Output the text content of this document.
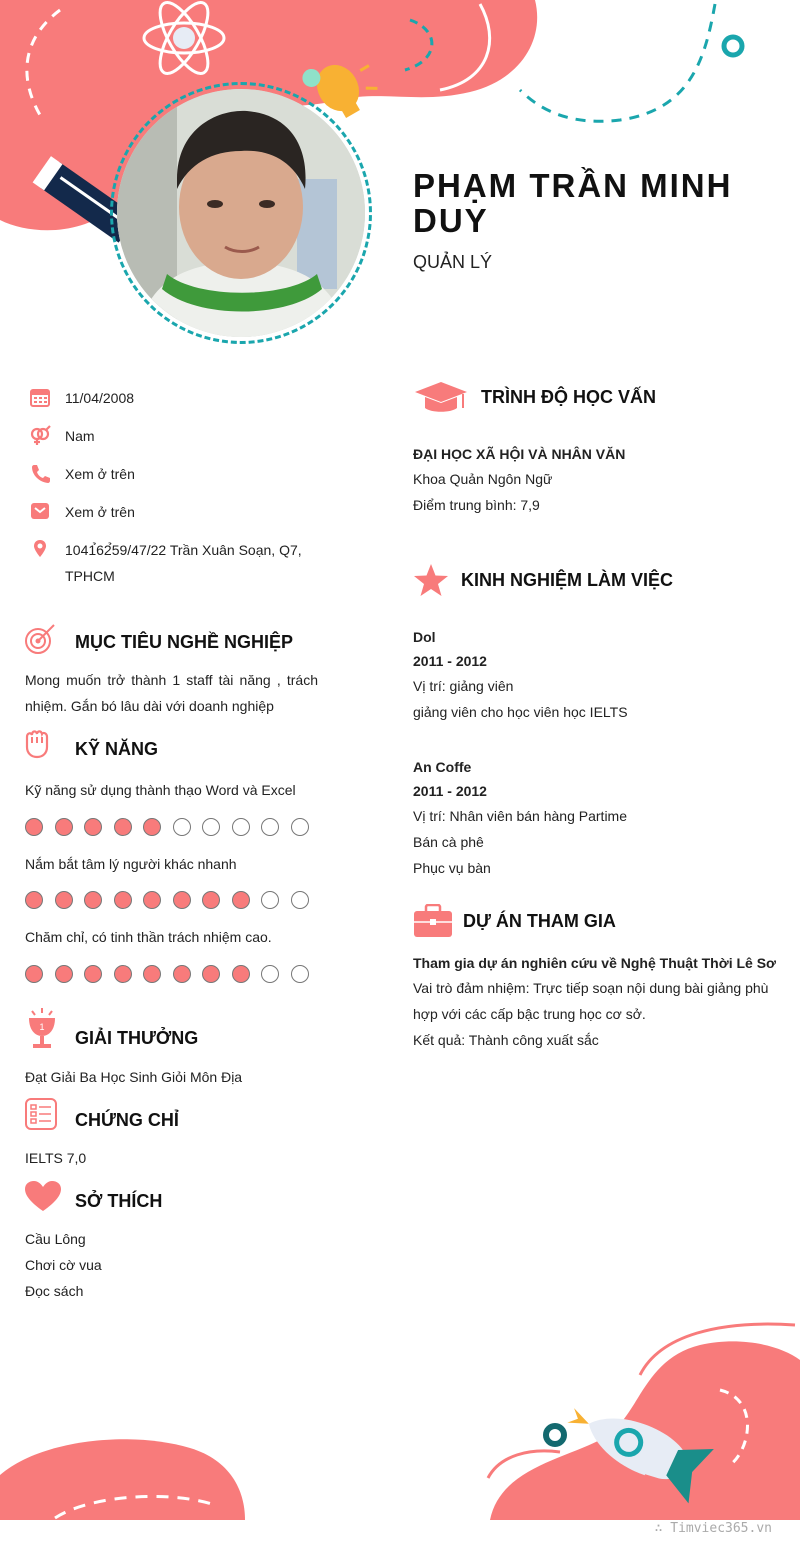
PHẠM TRẦN MINH DUY
QUẢN LÝ
11/04/2008
Nam
Xem ở trên
Xem ở trên
1041̉62̉59/47/22 Trần Xuân Soạn, Q7, TPHCM
MỤC TIÊU NGHỀ NGHIỆP
Mong muốn trở thành 1 staff tài năng , trách nhiệm. Gắn bó lâu dài với doanh nghiệp
KỸ NĂNG
Kỹ năng sử dụng thành thạo Word và Excel
Nắm bắt tâm lý người khác nhanh
Chăm chỉ, có tinh thần trách nhiệm cao.
1
GIẢI THƯỞNG
Đạt Giải Ba Học Sinh Giỏi Môn Địa
CHỨNG CHỈ
IELTS 7,0
SỞ THÍCH
Cầu Lông
Chơi cờ vua
Đọc sách
TRÌNH ĐỘ HỌC VẤN
ĐẠI HỌC XÃ HỘI VÀ NHÂN VĂN
Khoa Quản Ngôn Ngữ
Điểm trung bình: 7,9
KINH NGHIỆM LÀM VIỆC
Dol
2011 - 2012
Vị trí: giảng viên
giảng viên cho học viên học IELTS
An Coffe
2011 - 2012
Vị trí: Nhân viên bán hàng Partime
Bán cà phê
Phục vụ bàn
DỰ ÁN THAM GIA
Tham gia dự án nghiên cứu về Nghệ Thuật Thời Lê Sơ
Vai trò đảm nhiệm: Trực tiếp soạn nội dung bài giảng phù hợp với các cấp bậc trung học cơ sở.
Kết quả: Thành công xuất sắc
∴ Timviec365.vn
